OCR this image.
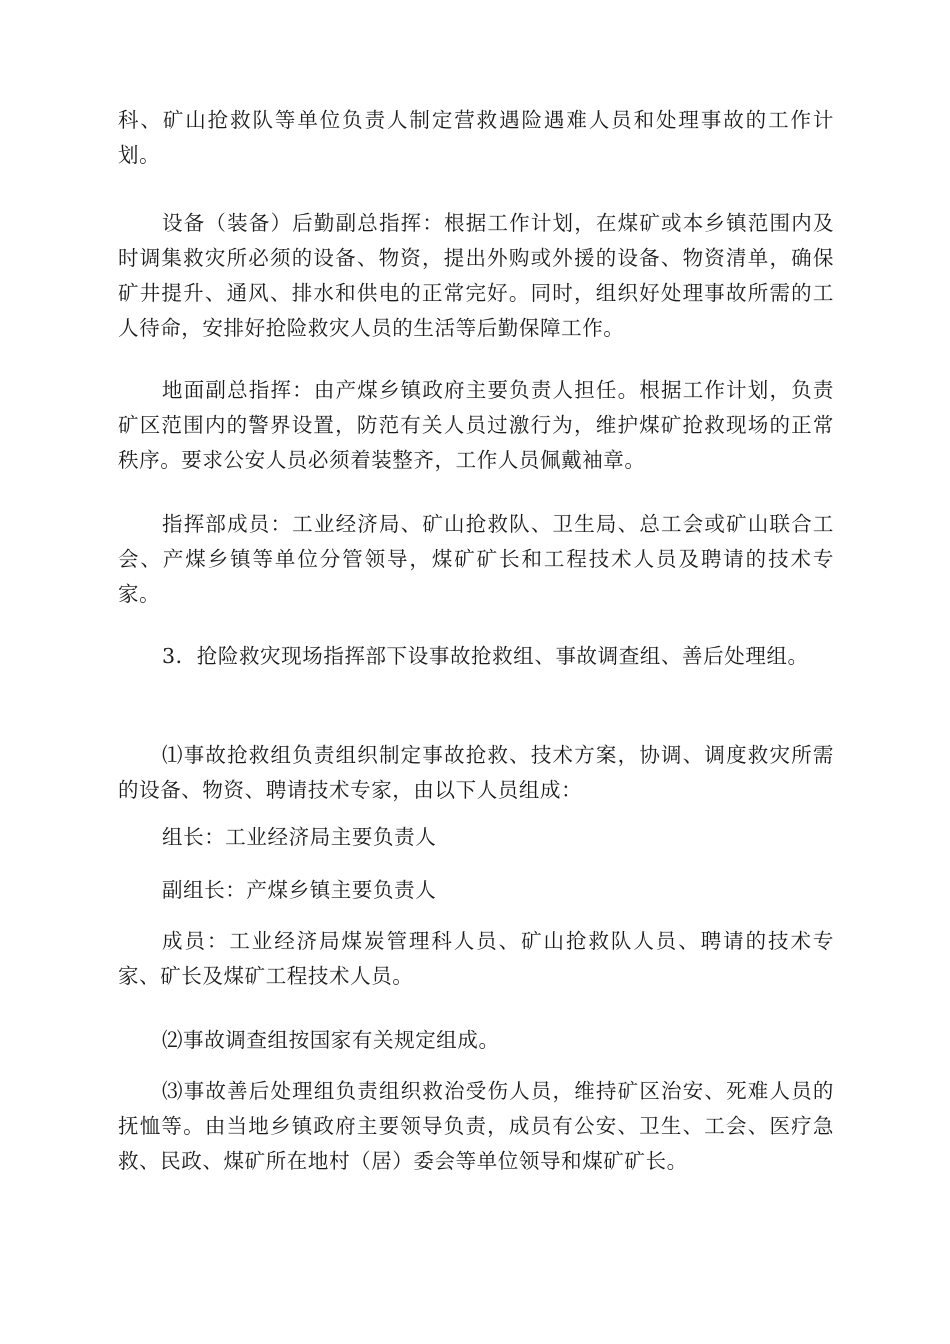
科、矿山抢救队等单位负责人制定营救遇险遇难人员和处理事故的工作计划。

设备（装备）后勤副总指挥：根据工作计划，在煤矿或本乡镇范围内及时调集救灾所必须的设备、物资，提出外购或外援的设备、物资清单，确保矿井提升、通风、排水和供电的正常完好。同时，组织好处理事故所需的工人待命，安排好抢险救灾人员的生活等后勤保障工作。

地面副总指挥：由产煤乡镇政府主要负责人担任。根据工作计划，负责矿区范围内的警界设置，防范有关人员过激行为，维护煤矿抢救现场的正常秩序。要求公安人员必须着装整齐，工作人员佩戴袖章。

指挥部成员：工业经济局、矿山抢救队、卫生局、总工会或矿山联合工会、产煤乡镇等单位分管领导，煤矿矿长和工程技术人员及聘请的技术专家。

3．抢险救灾现场指挥部下设事故抢救组、事故调查组、善后处理组。

⑴事故抢救组负责组织制定事故抢救、技术方案，协调、调度救灾所需的设备、物资、聘请技术专家，由以下人员组成：

组长：工业经济局主要负责人

副组长：产煤乡镇主要负责人

成员：工业经济局煤炭管理科人员、矿山抢救队人员、聘请的技术专家、矿长及煤矿工程技术人员。

⑵事故调查组按国家有关规定组成。

⑶事故善后处理组负责组织救治受伤人员，维持矿区治安、死难人员的抚恤等。由当地乡镇政府主要领导负责，成员有公安、卫生、工会、医疗急救、民政、煤矿所在地村（居）委会等单位领导和煤矿矿长。
